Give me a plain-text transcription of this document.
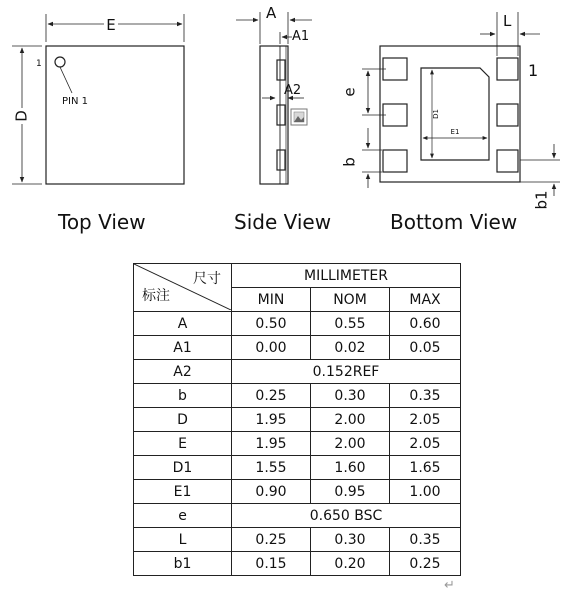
E
D
1
PIN 1
A
A1
A2
L
1
e
b
D1
E1
b1
Top View	Side View	Bottom View
尺寸
标注	MILLIMETER		
	MIN	NOM	MAX
A	0.50	0.55	0.60
A1	0.00	0.02	0.05
A2	0.152REF		
b	0.25	0.30	0.35
D	1.95	2.00	2.05
E	1.95	2.00	2.05
D1	1.55	1.60	1.65
E1	0.90	0.95	1.00
e	0.650 BSC		
L	0.25	0.30	0.35
b1	0.15	0.20	0.25
↵
